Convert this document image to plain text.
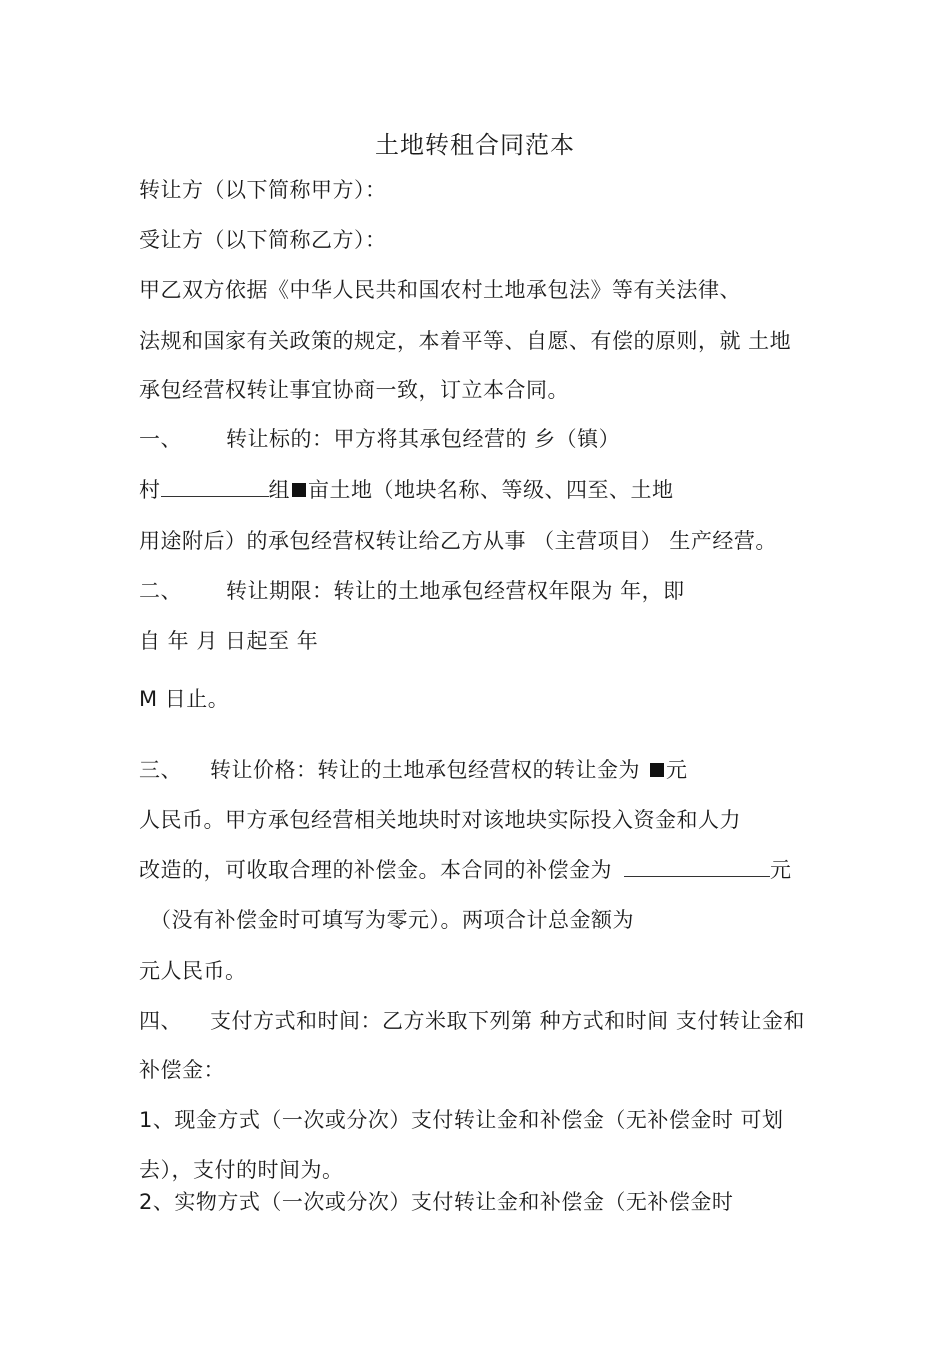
土地转租合同范本
转让方（以下简称甲方）：
受让方（以下简称乙方）：
甲乙双方依据《中华人民共和国农村土地承包法》等有关法律、
法规和国家有关政策的规定，本着平等、自愿、有偿的原则，就 土地
承包经营权转让事宜协商一致，订立本合同。
一、 转让标的：甲方将其承包经营的 乡（镇）
村	组 亩土地（地块名称、等级、四至、土地
用途附后）的承包经营权转让给乙方从事 （主营项目） 生产经营。
二、 转让期限：转让的土地承包经营权年限为 年，即
自 年 月 日起至 年
M 日止。
三、 转让价格：转让的土地承包经营权的转让金为 元
人民币。甲方承包经营相关地块时对该地块实际投入资金和人力
改造的，可收取合理的补偿金。本合同的补偿金为	元
（没有补偿金时可填写为零元）。两项合计总金额为
元人民币。
四、 支付方式和时间：乙方米取下列第 种方式和时间 支付转让金和
补偿金：
1、现金方式（一次或分次）支付转让金和补偿金（无补偿金时 可划
去），支付的时间为。
2、实物方式（一次或分次）支付转让金和补偿金（无补偿金时
